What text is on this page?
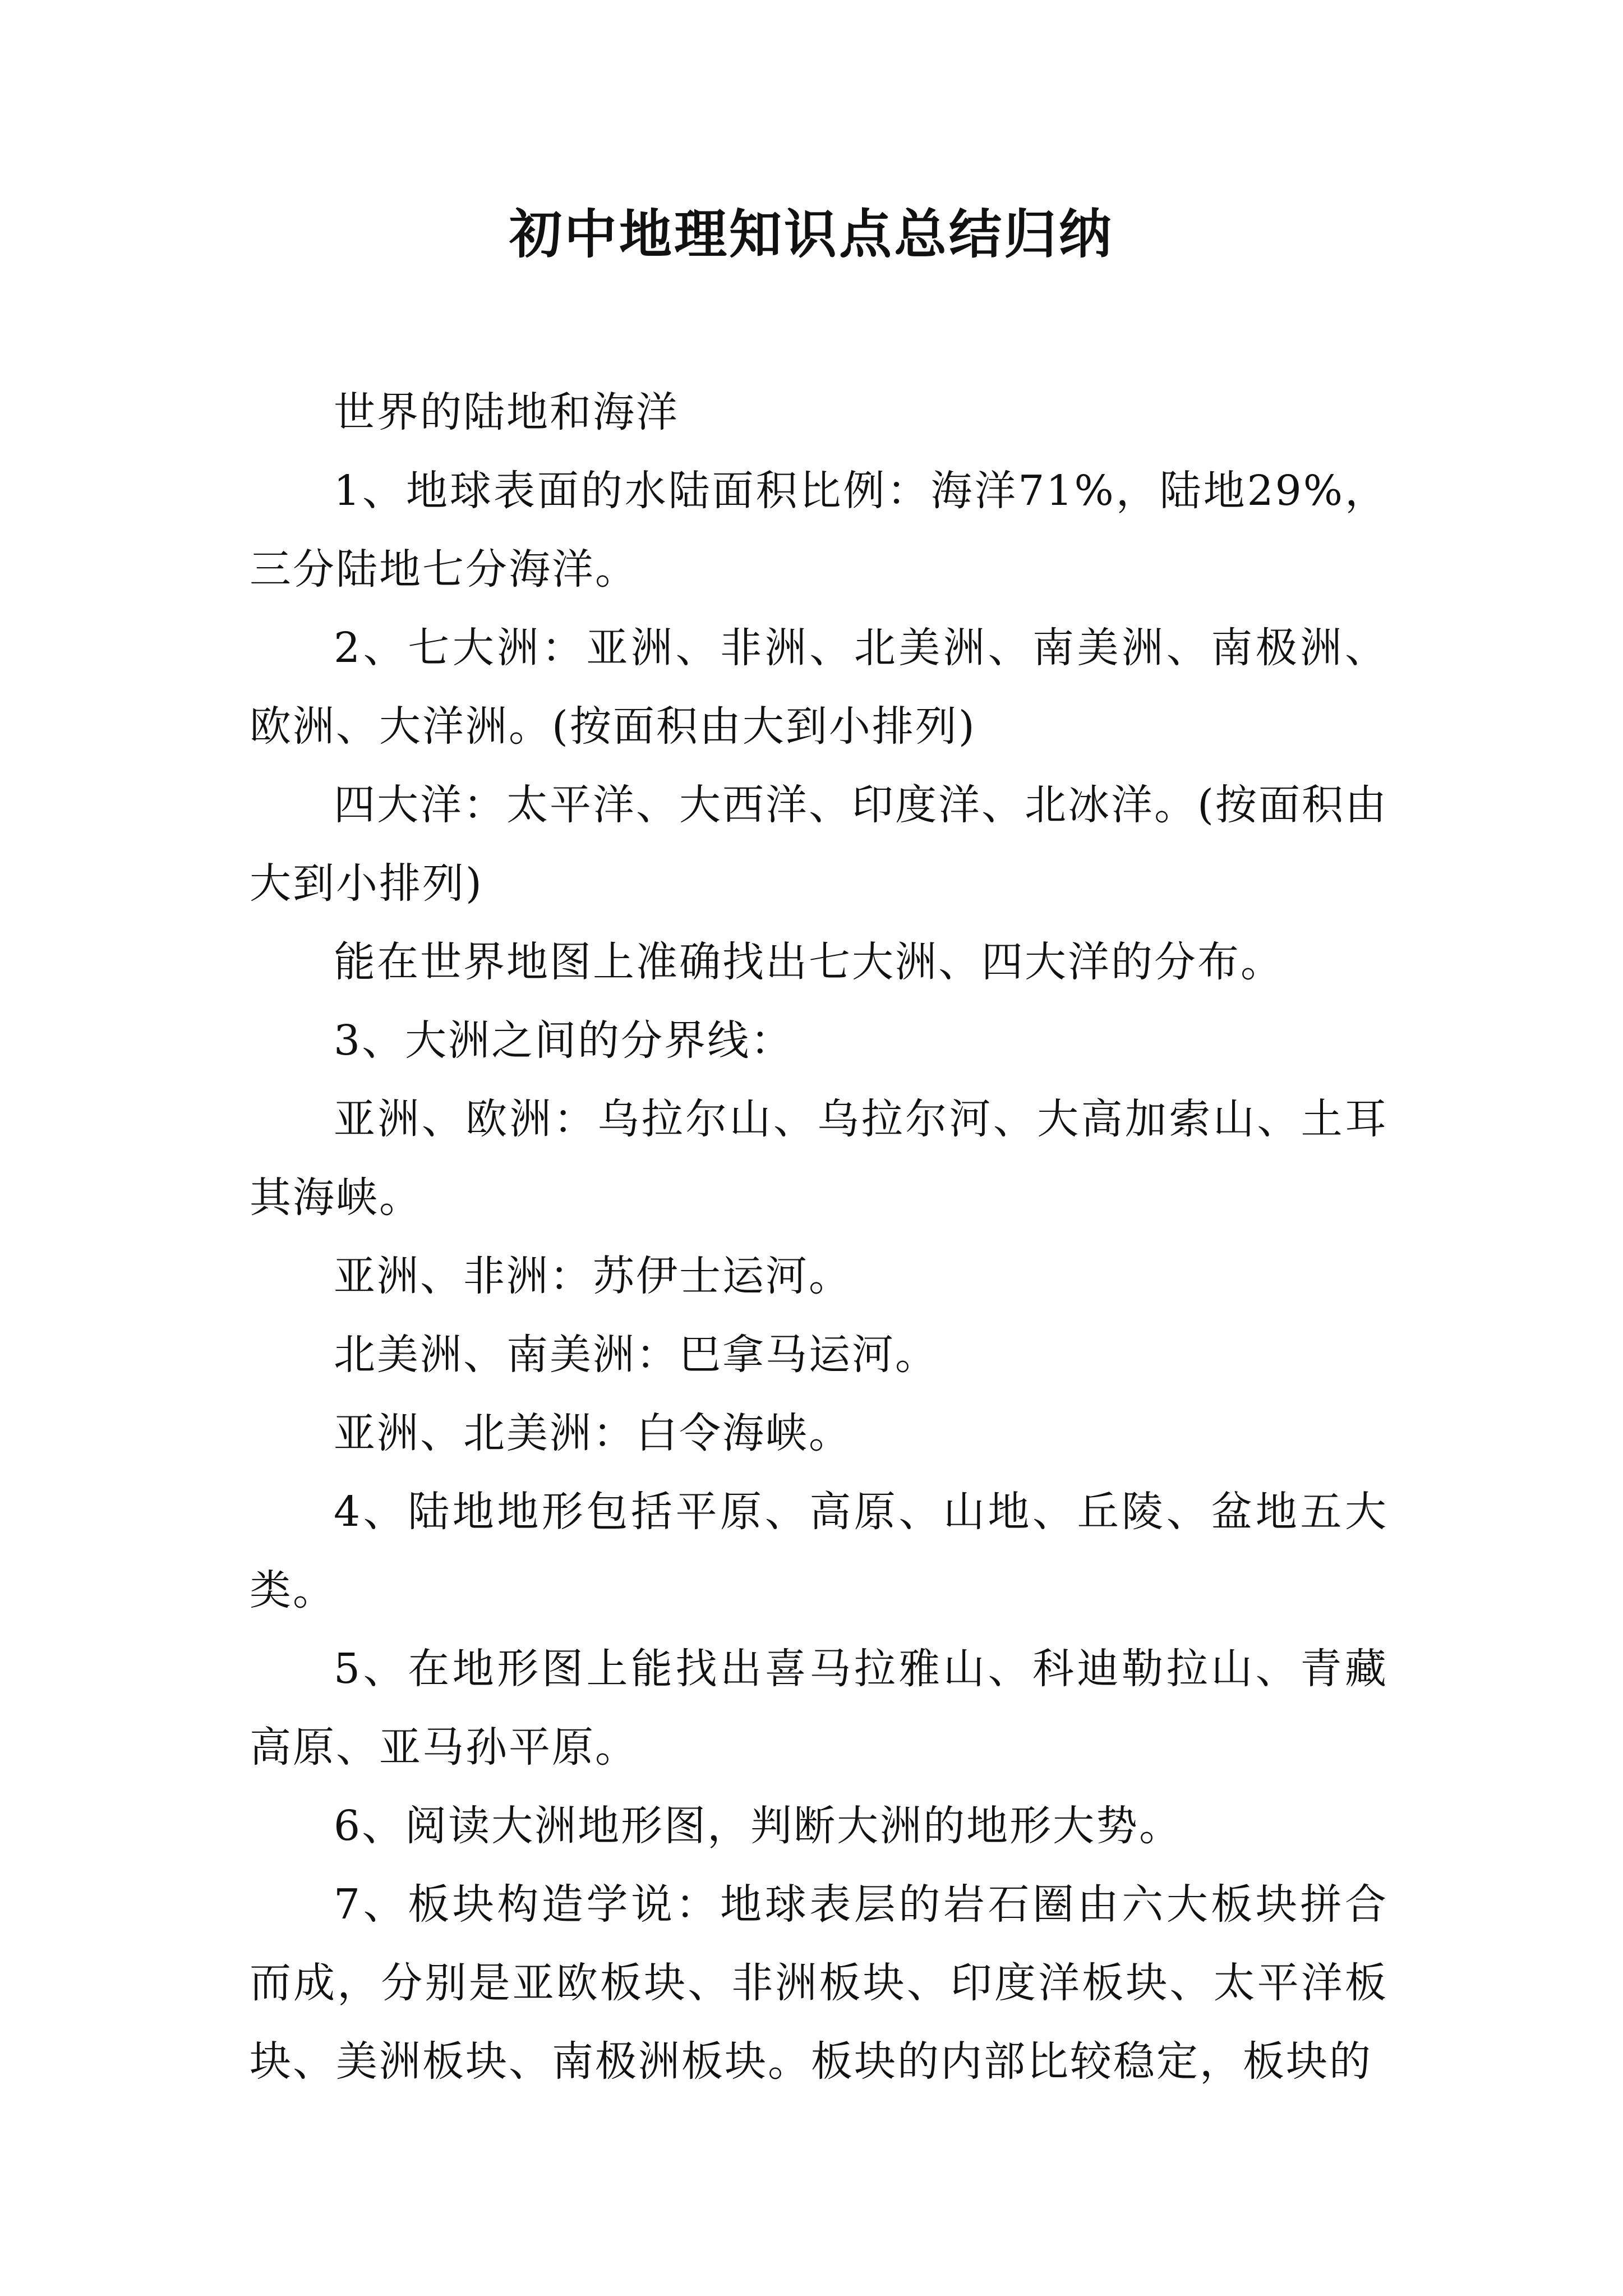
初中地理知识点总结归纳

世界的陆地和海洋

1、地球表面的水陆面积比例：海洋71%，陆地29%，三分陆地七分海洋。

2、七大洲：亚洲、非洲、北美洲、南美洲、南极洲、欧洲、大洋洲。(按面积由大到小排列)

四大洋：太平洋、大西洋、印度洋、北冰洋。(按面积由大到小排列)

能在世界地图上准确找出七大洲、四大洋的分布。

3、大洲之间的分界线：

亚洲、欧洲：乌拉尔山、乌拉尔河、大高加索山、土耳其海峡。

亚洲、非洲：苏伊士运河。

北美洲、南美洲：巴拿马运河。

亚洲、北美洲：白令海峡。

4、陆地地形包括平原、高原、山地、丘陵、盆地五大类。

5、在地形图上能找出喜马拉雅山、科迪勒拉山、青藏高原、亚马孙平原。

6、阅读大洲地形图，判断大洲的地形大势。

7、板块构造学说：地球表层的岩石圈由六大板块拼合而成，分别是亚欧板块、非洲板块、印度洋板块、太平洋板块、美洲板块、南极洲板块。板块的内部比较稳定，板块的
